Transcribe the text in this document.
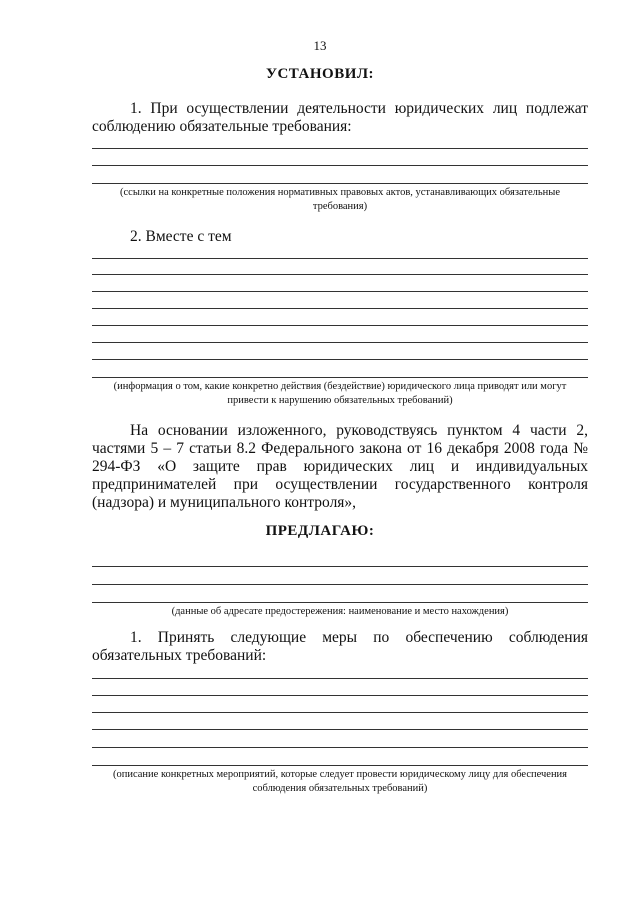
13
УСТАНОВИЛ:
1. При осуществлении деятельности юридических лиц подлежат соблюдению обязательные требования:
(ссылки на конкретные положения нормативных правовых актов, устанавливающих обязательные требования)
2. Вместе с тем
(информация о том, какие конкретно действия (бездействие) юридического лица приводят или могут привести к нарушению обязательных требований)
На основании изложенного, руководствуясь пунктом 4 части 2, частями 5 – 7 статьи 8.2 Федерального закона от 16 декабря 2008 года № 294-ФЗ «О защите прав юридических лиц и индивидуальных предпринимателей при осуществлении государственного контроля (надзора) и муниципального контроля»,
ПРЕДЛАГАЮ:
(данные об адресате предостережения: наименование и место нахождения)
1. Принять следующие меры по обеспечению соблюдения обязательных требований:
(описание конкретных мероприятий, которые следует провести юридическому лицу для обеспечения соблюдения обязательных требований)
